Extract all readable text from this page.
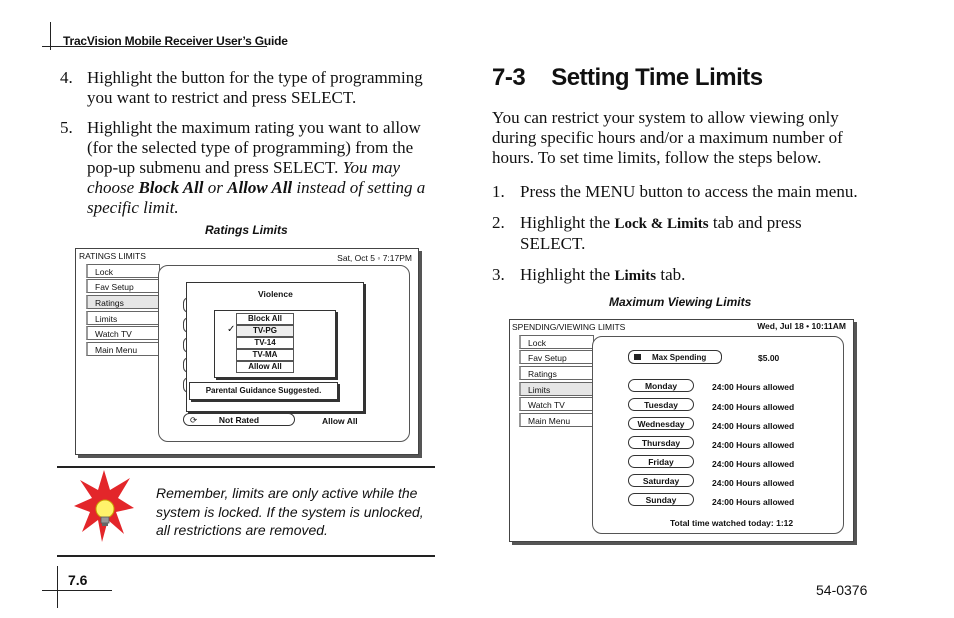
TracVision Mobile Receiver User’s Guide
4. Highlight the button for the type of programming you want to restrict and press SELECT.
5. Highlight the maximum rating you want to allow
(for the selected type of programming) from the
pop-up submenu and press SELECT. You may
choose Block All or Allow All instead of setting a
specific limit.
Ratings Limits
RATINGS LIMITS	Sat, Oct 5 ◦ 7:17PM
Lock
Fav Setup
Ratings
Limits
Watch TV
Main Menu
Violence
Block All
TV-PG
✓
TV-14
TV-MA
Allow All
Parental Guidance Suggested.
⟳	Not Rated	Allow All
Remember, limits are only active while the
system is locked. If the system is unlocked,
all restrictions are removed.
7.6
7-3 Setting Time Limits
You can restrict your system to allow viewing only
during specific hours and/or a maximum number of
hours. To set time limits, follow the steps below.
1. Press the MENU button to access the main menu.
2. Highlight the Lock & Limits tab and press
SELECT.
3. Highlight the Limits tab.
Maximum Viewing Limits
SPENDING/VIEWING LIMITS	Wed, Jul 18 • 10:11AM
Lock
Fav Setup
Ratings
Limits
Watch TV
Main Menu
Max Spending	$5.00
Monday	24:00 Hours allowed
Tuesday	24:00 Hours allowed
Wednesday	24:00 Hours allowed
Thursday	24:00 Hours allowed
Friday	24:00 Hours allowed
Saturday	24:00 Hours allowed
Sunday	24:00 Hours allowed
Total time watched today: 1:12
54-0376
